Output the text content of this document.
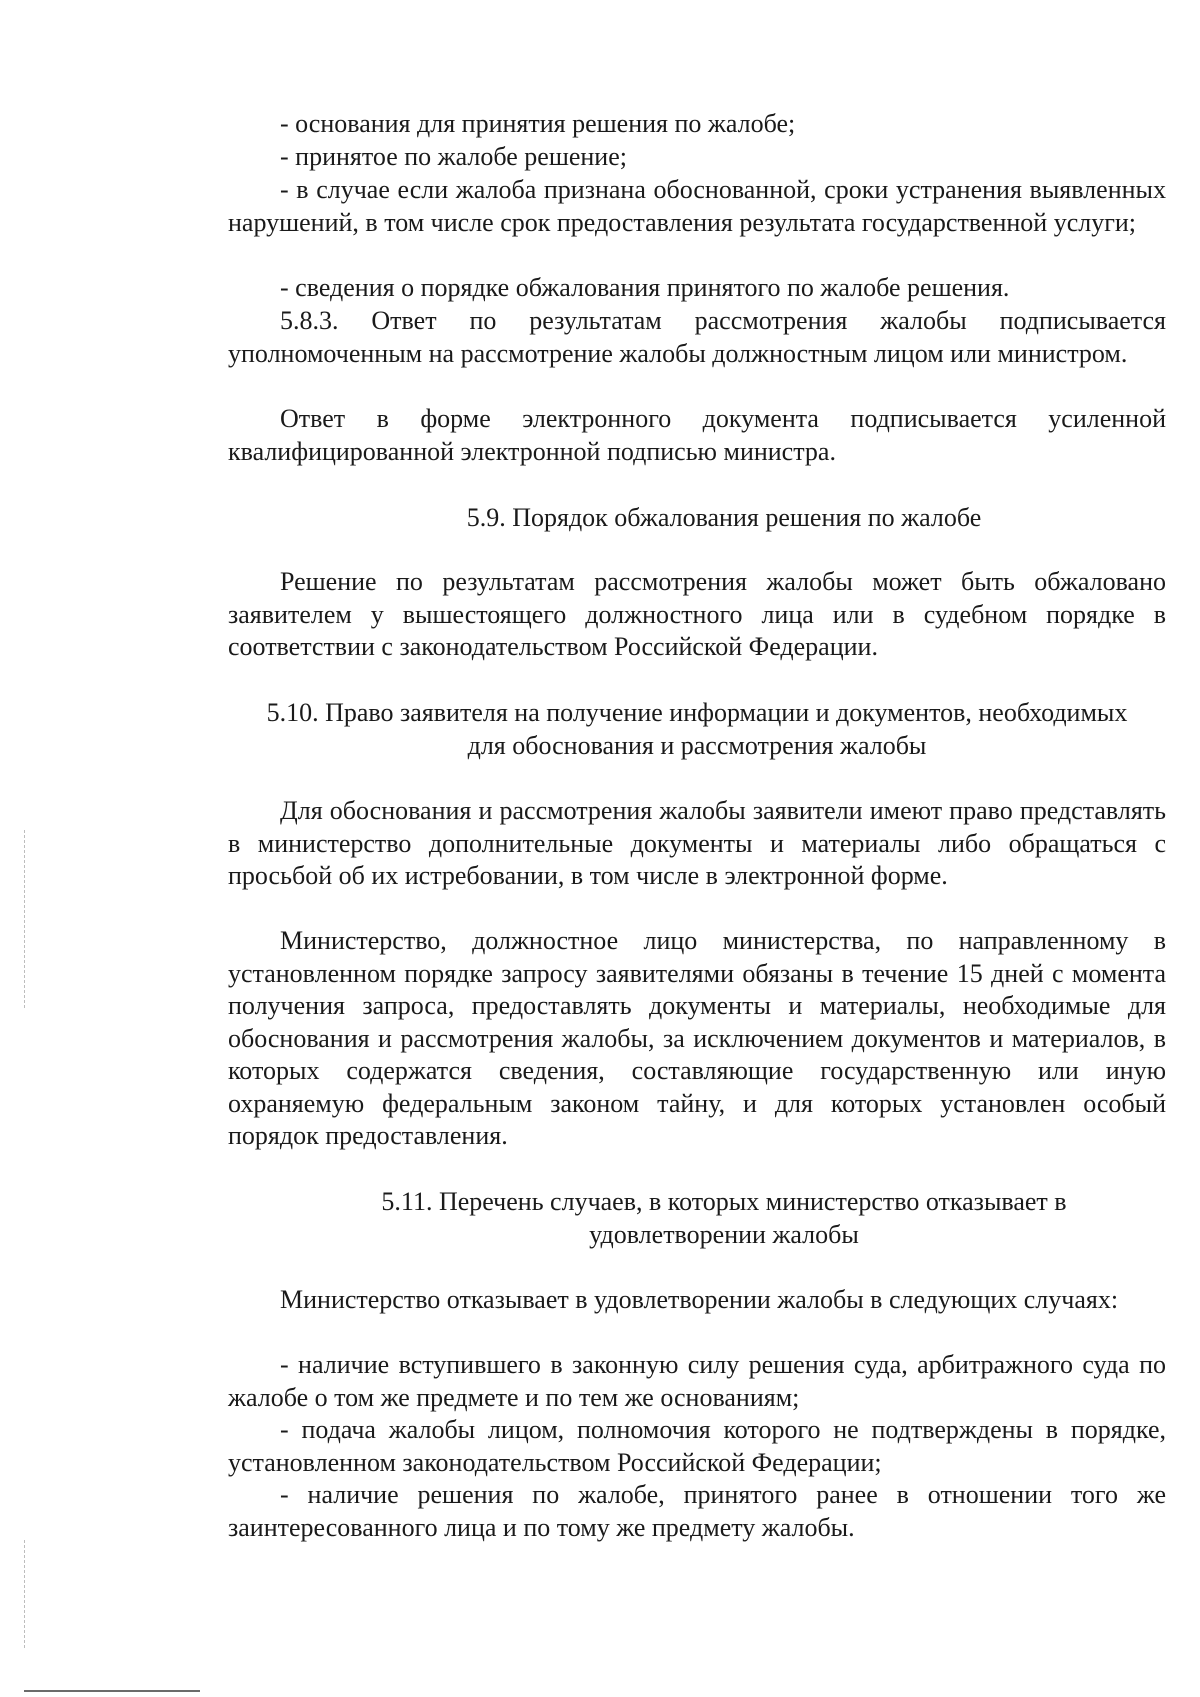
- основания для принятия решения по жалобе;

- принятое по жалобе решение;

- в случае если жалоба признана обоснованной, сроки устранения выявленных нарушений, в том числе срок предоставления результата государственной услуги;

- сведения о порядке обжалования принятого по жалобе решения.

5.8.3. Ответ по результатам рассмотрения жалобы подписывается уполномоченным на рассмотрение жалобы должностным лицом или министром.

Ответ в форме электронного документа подписывается усиленной квалифицированной электронной подписью министра.

5.9. Порядок обжалования решения по жалобе

Решение по результатам рассмотрения жалобы может быть обжаловано заявителем у вышестоящего должностного лица или в судебном порядке в соответствии с законодательством Российской Федерации.

5.10. Право заявителя на получение информации и документов, необходимых
для обоснования и рассмотрения жалобы

Для обоснования и рассмотрения жалобы заявители имеют право представлять в министерство дополнительные документы и материалы либо обращаться с просьбой об их истребовании, в том числе в электронной форме.

Министерство, должностное лицо министерства, по направленному в установленном порядке запросу заявителями обязаны в течение 15 дней с момента получения запроса, предоставлять документы и материалы, необходимые для обоснования и рассмотрения жалобы, за исключением документов и материалов, в которых содержатся сведения, составляющие государственную или иную охраняемую федеральным законом тайну, и для которых установлен особый порядок предоставления.

5.11. Перечень случаев, в которых министерство отказывает в
удовлетворении жалобы

Министерство отказывает в удовлетворении жалобы в следующих случаях:

- наличие вступившего в законную силу решения суда, арбитражного суда по жалобе о том же предмете и по тем же основаниям;

- подача жалобы лицом, полномочия которого не подтверждены в порядке, установленном законодательством Российской Федерации;

- наличие решения по жалобе, принятого ранее в отношении того же заинтересованного лица и по тому же предмету жалобы.
